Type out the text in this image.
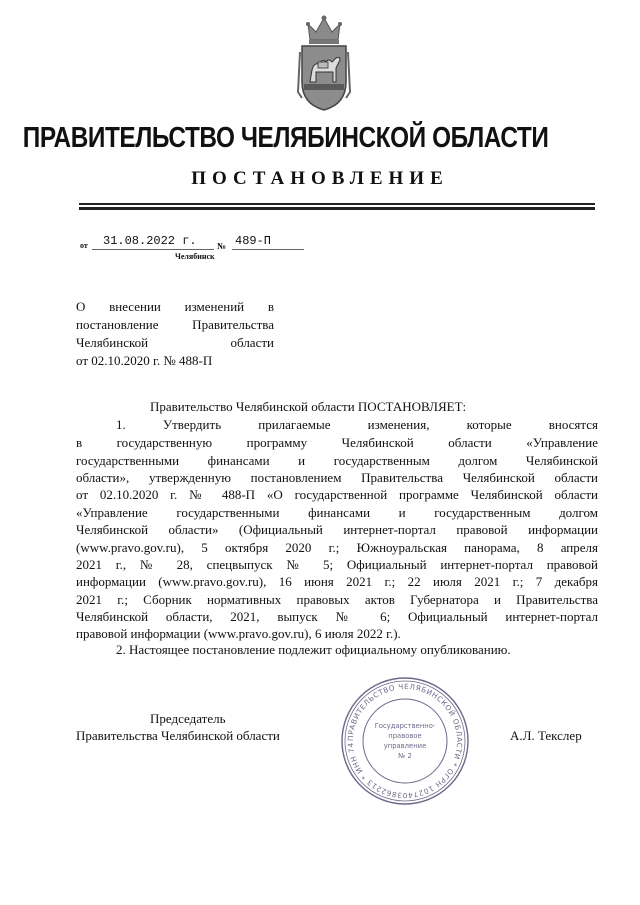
ПРАВИТЕЛЬСТВО ЧЕЛЯБИНСКОЙ ОБЛАСТИ
ПОСТАНОВЛЕНИЕ
от 31.08.2022 г. № 489-П
Челябинск
О внесении изменений в
постановление Правительства
Челябинской области
от 02.10.2020 г. № 488-П
Правительство Челябинской области ПОСТАНОВЛЯЕТ:
1. Утвердить прилагаемые изменения, которые вносятся
в государственную программу Челябинской области «Управление
государственными финансами и государственным долгом Челябинской
области», утвержденную постановлением Правительства Челябинской области
от 02.10.2020 г. № 488-П «О государственной программе Челябинской области
«Управление государственными финансами и государственным долгом
Челябинской области» (Официальный интернет-портал правовой информации
(www.pravo.gov.ru), 5 октября 2020 г.; Южноуральская панорама, 8 апреля
2021 г., № 28, спецвыпуск № 5; Официальный интернет-портал правовой
информации (www.pravo.gov.ru), 16 июня 2021 г.; 22 июля 2021 г.; 7 декабря
2021 г.; Сборник нормативных правовых актов Губернатора и Правительства
Челябинской области, 2021, выпуск № 6; Официальный интернет-портал
правовой информации (www.pravo.gov.ru), 6 июля 2022 г.).
2. Настоящее постановление подлежит официальному опубликованию.
Председатель
Правительства Челябинской области	А.Л. Текслер
ПРАВИТЕЛЬСТВО ЧЕЛЯБИНСКОЙ ОБЛАСТИ * ОГРН 1027403862213 * ИНН 74
Государственно-
правовое
управление
№ 2
